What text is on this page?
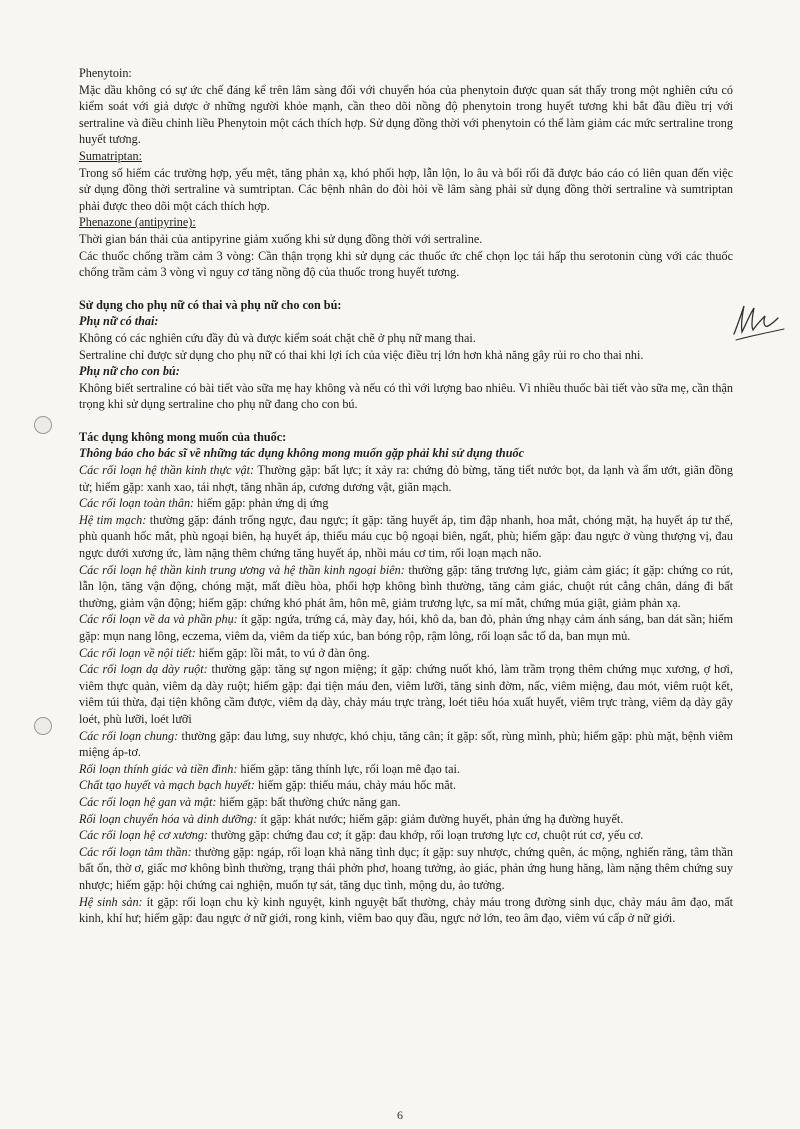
Phenytoin:

Mặc dầu không có sự ức chế đáng kể trên lâm sàng đối với chuyển hóa của phenytoin được quan sát thấy trong một nghiên cứu có kiểm soát với giả dược ở những người khỏe mạnh, cần theo dõi nồng độ phenytoin trong huyết tương khi bắt đầu điều trị với sertraline và điều chỉnh liều Phenytoin một cách thích hợp. Sử dụng đồng thời với phenytoin có thể làm giảm các mức sertraline trong huyết tương.

Sumatriptan:

Trong số hiếm các trường hợp, yếu mệt, tăng phản xạ, khó phối hợp, lẫn lộn, lo âu và bối rối đã được báo cáo có liên quan đến việc sử dụng đồng thời sertraline và sumtriptan. Các bệnh nhân do đòi hỏi về lâm sàng phải sử dụng đồng thời sertraline và sumtriptan phải được theo dõi một cách thích hợp.

Phenazone (antipyrine):

Thời gian bán thải của antipyrine giảm xuống khi sử dụng đồng thời với sertraline.

Các thuốc chống trầm cảm 3 vòng: Cần thận trọng khi sử dụng các thuốc ức chế chọn lọc tái hấp thu serotonin cùng với các thuốc chống trầm cảm 3 vòng vì nguy cơ tăng nồng độ của thuốc trong huyết tương.

Sử dụng cho phụ nữ có thai và phụ nữ cho con bú:

Phụ nữ có thai:

Không có các nghiên cứu đầy đủ và được kiểm soát chặt chẽ ở phụ nữ mang thai.

Sertraline chỉ được sử dụng cho phụ nữ có thai khi lợi ích của việc điều trị lớn hơn khả năng gây rủi ro cho thai nhi.

Phụ nữ cho con bú:

Không biết sertraline có bài tiết vào sữa mẹ hay không và nếu có thì với lượng bao nhiêu. Vì nhiều thuốc bài tiết vào sữa mẹ, cần thận trọng khi sử dụng sertraline cho phụ nữ đang cho con bú.

Tác dụng không mong muốn của thuốc:

Thông báo cho bác sĩ về những tác dụng không mong muốn gặp phải khi sử dụng thuốc

Các rối loạn hệ thần kinh thực vật: Thường gặp: bất lực; ít xảy ra: chứng đỏ bừng, tăng tiết nước bọt, da lạnh và ẩm ướt, giãn đồng tử; hiếm gặp: xanh xao, tái nhợt, tăng nhãn áp, cương dương vật, giãn mạch.

Các rối loạn toàn thân: hiếm gặp: phản ứng dị ứng

Hệ tim mạch: thường gặp: đánh trống ngực, đau ngực; ít gặp: tăng huyết áp, tim đập nhanh, hoa mắt, chóng mặt, hạ huyết áp tư thế, phù quanh hốc mắt, phù ngoại biên, hạ huyết áp, thiếu máu cục bộ ngoại biên, ngất, phù; hiếm gặp: đau ngực ở vùng thượng vị, đau ngực dưới xương ức, làm nặng thêm chứng tăng huyết áp, nhồi máu cơ tim, rối loạn mạch não.

Các rối loạn hệ thần kinh trung ương và hệ thần kinh ngoại biên: thường gặp: tăng trương lực, giảm cảm giác; ít gặp: chứng co rút, lẫn lộn, tăng vận động, chóng mặt, mất điều hòa, phối hợp không bình thường, tăng cảm giác, chuột rút cẳng chân, dáng đi bất thường, giảm vận động; hiếm gặp: chứng khó phát âm, hôn mê, giảm trương lực, sa mí mắt, chứng múa giật, giảm phản xạ.

Các rối loạn về da và phần phụ: ít gặp: ngứa, trứng cá, mày đay, hói, khô da, ban đỏ, phản ứng nhạy cảm ánh sáng, ban dát sần; hiếm gặp: mụn nang lông, eczema, viêm da, viêm da tiếp xúc, ban bóng rộp, rậm lông, rối loạn sắc tố da, ban mụn mủ.

Các rối loạn về nội tiết: hiếm gặp: lồi mắt, to vú ở đàn ông.

Các rối loạn dạ dày ruột: thường gặp: tăng sự ngon miệng; ít gặp: chứng nuốt khó, làm trầm trọng thêm chứng mục xương, ợ hơi, viêm thực quản, viêm dạ dày ruột; hiếm gặp: đại tiện máu đen, viêm lưỡi, tăng sinh đờm, nấc, viêm miệng, đau mót, viêm ruột kết, viêm túi thừa, đại tiện không cầm được, viêm dạ dày, chảy máu trực tràng, loét tiêu hóa xuất huyết, viêm trực tràng, viêm dạ dày gây loét, phù lưỡi, loét lưỡi

Các rối loạn chung: thường gặp: đau lưng, suy nhược, khó chịu, tăng cân; ít gặp: sốt, rùng mình, phù; hiếm gặp: phù mặt, bệnh viêm miệng áp-tơ.

Rối loạn thính giác và tiền đình: hiếm gặp: tăng thính lực, rối loạn mê đạo tai.

Chất tạo huyết và mạch bạch huyết: hiếm gặp: thiếu máu, chảy máu hốc mắt.

Các rối loạn hệ gan và mật: hiếm gặp: bất thường chức năng gan.

Rối loạn chuyển hóa và dinh dưỡng: ít gặp: khát nước; hiếm gặp: giảm đường huyết, phản ứng hạ đường huyết.

Các rối loạn hệ cơ xương: thường gặp: chứng đau cơ; ít gặp: đau khớp, rối loạn trương lực cơ, chuột rút cơ, yếu cơ.

Các rối loạn tâm thần: thường gặp: ngáp, rối loạn khả năng tình dục; ít gặp: suy nhược, chứng quên, ác mộng, nghiến răng, tâm thần bất ổn, thờ ơ, giấc mơ không bình thường, trạng thái phởn phơ, hoang tưởng, ảo giác, phản ứng hung hăng, làm nặng thêm chứng suy nhược; hiếm gặp: hội chứng cai nghiện, muốn tự sát, tăng dục tình, mộng du, ảo tưởng.

Hệ sinh sản: ít gặp: rối loạn chu kỳ kinh nguyệt, kinh nguyệt bất thường, chảy máu trong đường sinh dục, chảy máu âm đạo, mất kinh, khí hư; hiếm gặp: đau ngực ở nữ giới, rong kinh, viêm bao quy đầu, ngực nở lớn, teo âm đạo, viêm vú cấp ở nữ giới.

6
